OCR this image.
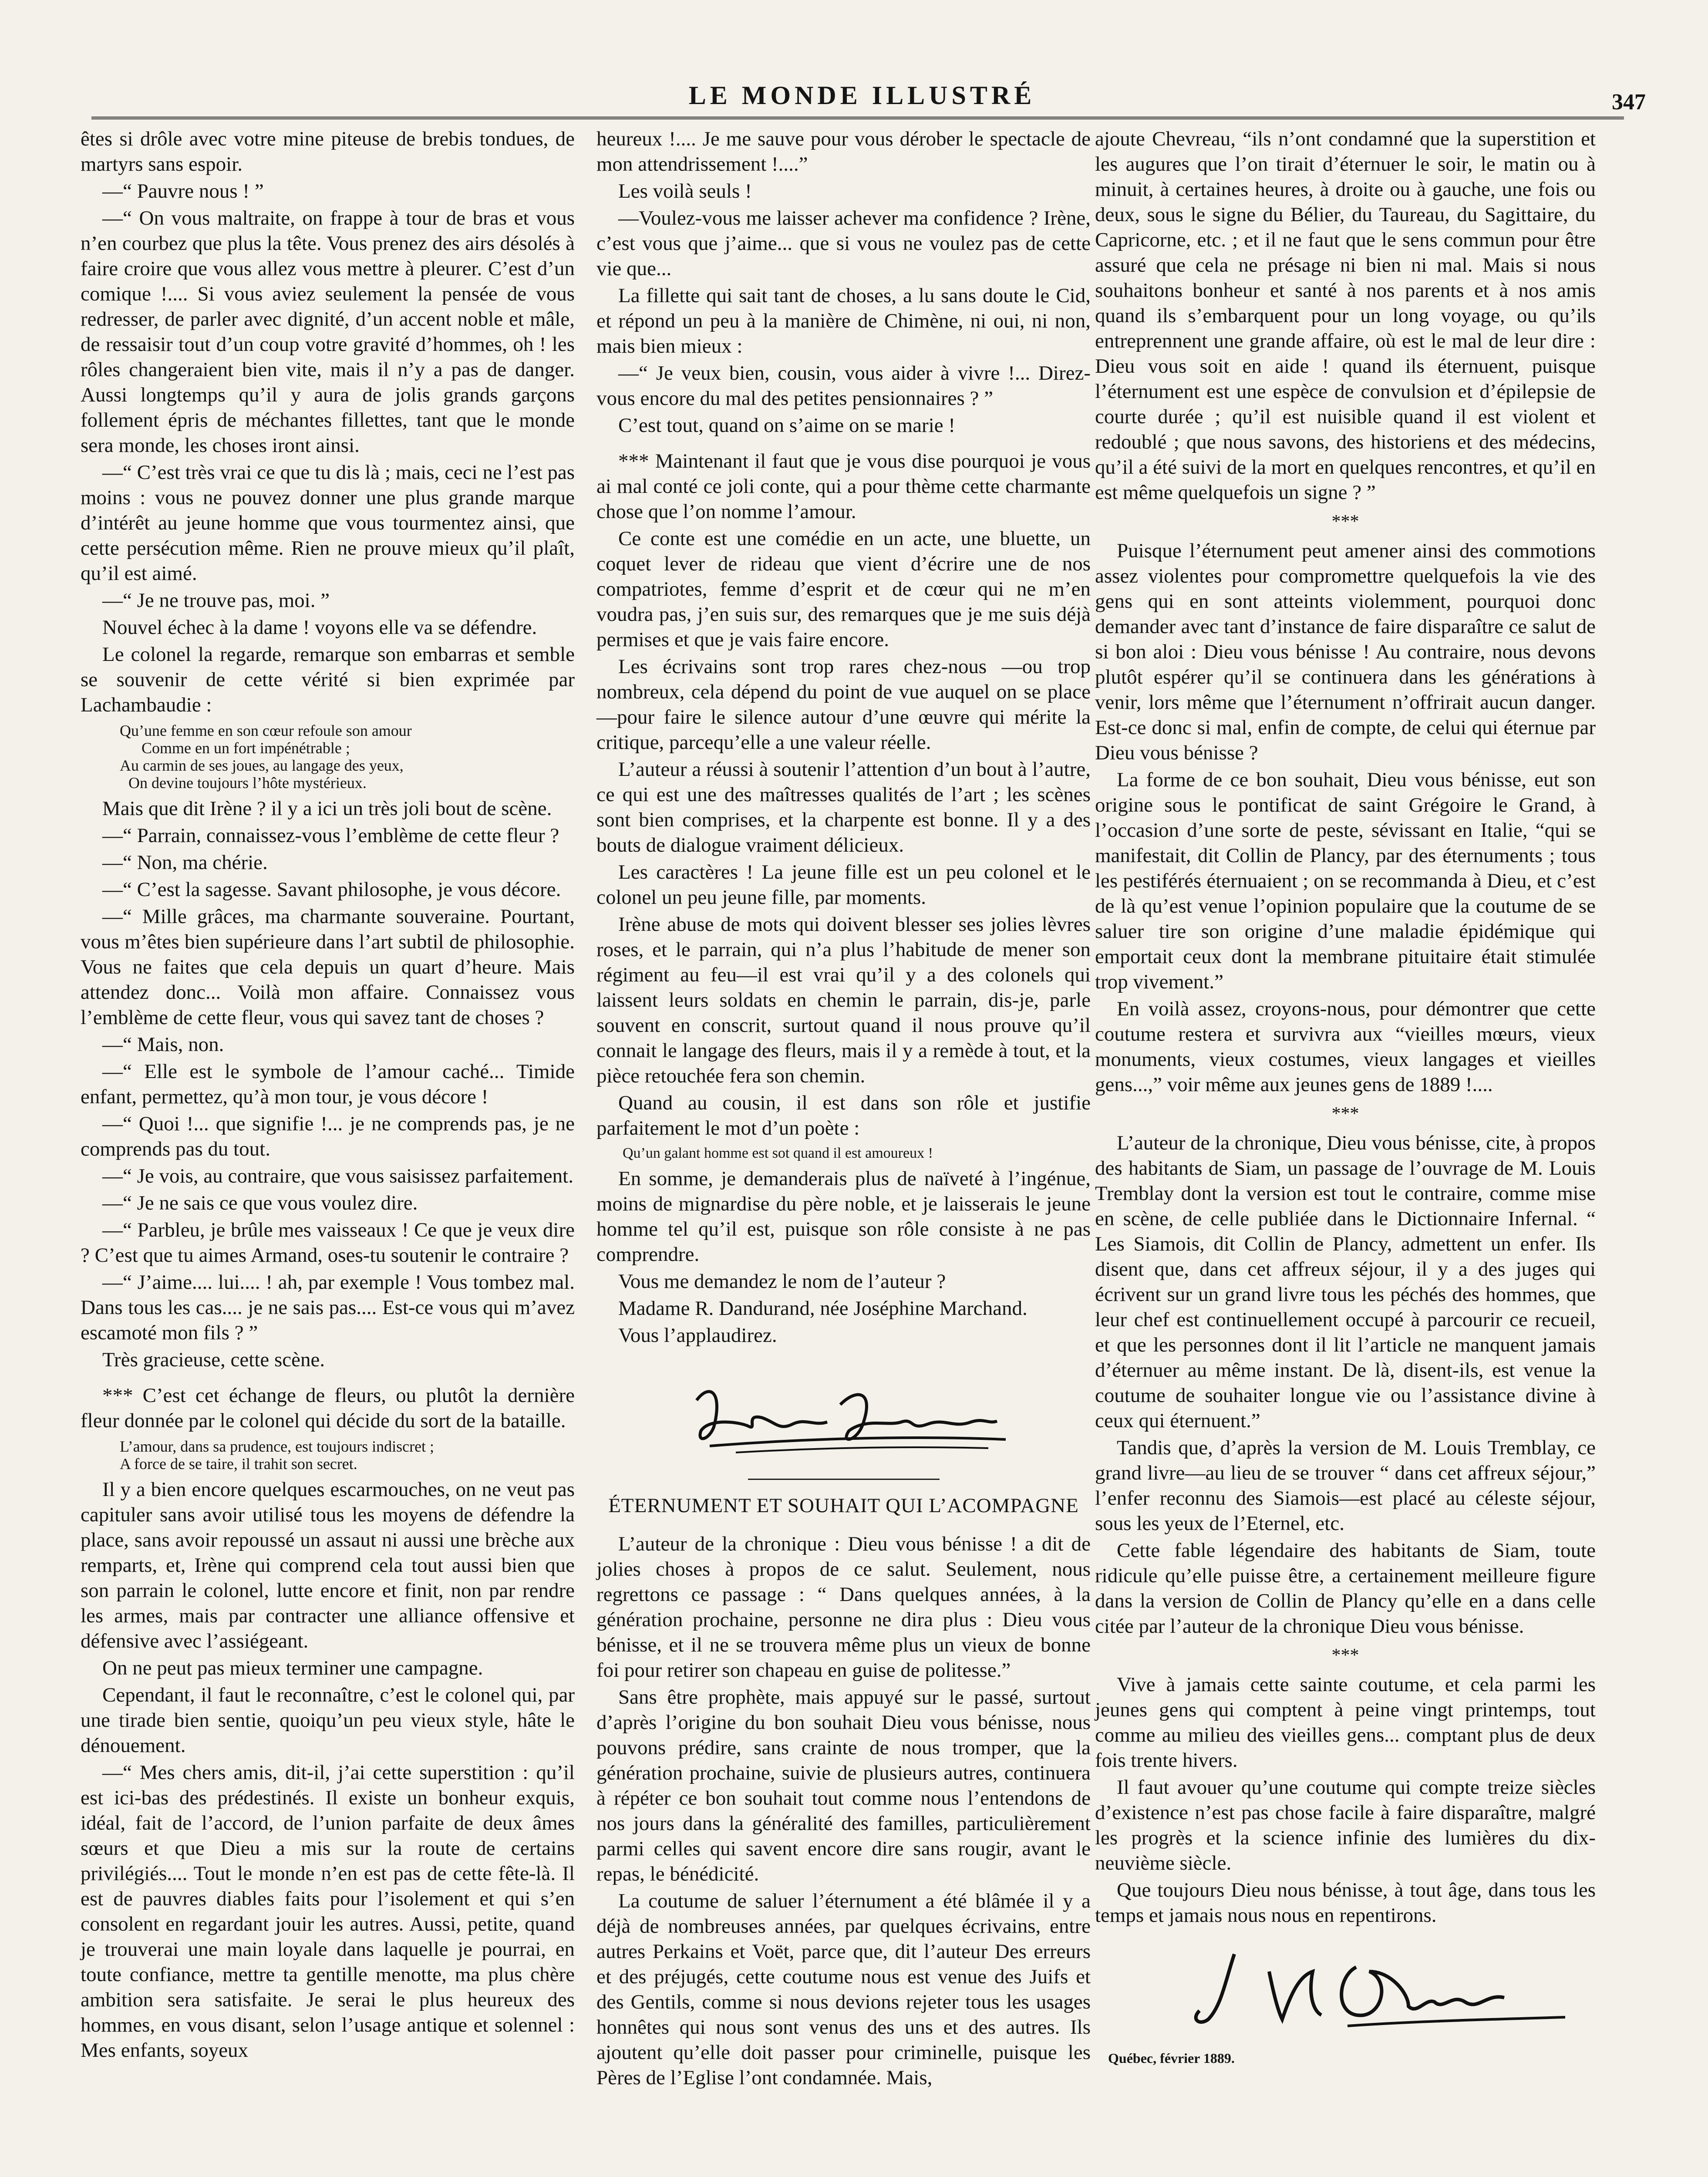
LE MONDE ILLUSTRÉ	347

êtes si drôle avec votre mine piteuse de brebis tondues, de martyrs sans espoir.

—“ Pauvre nous ! ”

—“ On vous maltraite, on frappe à tour de bras et vous n’en courbez que plus la tête. Vous prenez des airs désolés à faire croire que vous allez vous mettre à pleurer. C’est d’un comique !.... Si vous aviez seulement la pensée de vous redresser, de parler avec dignité, d’un accent noble et mâle, de ressaisir tout d’un coup votre gravité d’hommes, oh ! les rôles changeraient bien vite, mais il n’y a pas de danger. Aussi longtemps qu’il y aura de jolis grands garçons follement épris de méchantes fillettes, tant que le monde sera monde, les choses iront ainsi.

—“ C’est très vrai ce que tu dis là ; mais, ceci ne l’est pas moins : vous ne pouvez donner une plus grande marque d’intérêt au jeune homme que vous tourmentez ainsi, que cette persécution même. Rien ne prouve mieux qu’il plaît, qu’il est aimé.

—“ Je ne trouve pas, moi. ”

Nouvel échec à la dame ! voyons elle va se défendre.

Le colonel la regarde, remarque son embarras et semble se souvenir de cette vérité si bien exprimée par Lachambaudie :

Qu’une femme en son cœur refoule son amour
Comme en un fort impénétrable ;
Au carmin de ses joues, au langage des yeux,
On devine toujours l’hôte mystérieux.

Mais que dit Irène ? il y a ici un très joli bout de scène.

—“ Parrain, connaissez-vous l’emblème de cette fleur ?

—“ Non, ma chérie.

—“ C’est la sagesse. Savant philosophe, je vous décore.

—“ Mille grâces, ma charmante souveraine. Pourtant, vous m’êtes bien supérieure dans l’art subtil de philosophie. Vous ne faites que cela depuis un quart d’heure. Mais attendez donc... Voilà mon affaire. Connaissez vous l’emblème de cette fleur, vous qui savez tant de choses ?

—“ Mais, non.

—“ Elle est le symbole de l’amour caché... Timide enfant, permettez, qu’à mon tour, je vous décore !

—“ Quoi !... que signifie !... je ne comprends pas, je ne comprends pas du tout.

—“ Je vois, au contraire, que vous saisissez parfaitement.

—“ Je ne sais ce que vous voulez dire.

—“ Parbleu, je brûle mes vaisseaux ! Ce que je veux dire ? C’est que tu aimes Armand, oses-tu soutenir le contraire ?

—“ J’aime.... lui.... ! ah, par exemple ! Vous tombez mal. Dans tous les cas.... je ne sais pas.... Est-ce vous qui m’avez escamoté mon fils ? ”

Très gracieuse, cette scène.

*** C’est cet échange de fleurs, ou plutôt la dernière fleur donnée par le colonel qui décide du sort de la bataille.

L’amour, dans sa prudence, est toujours indiscret ;
A force de se taire, il trahit son secret.

Il y a bien encore quelques escarmouches, on ne veut pas capituler sans avoir utilisé tous les moyens de défendre la place, sans avoir repoussé un assaut ni aussi une brèche aux remparts, et, Irène qui comprend cela tout aussi bien que son parrain le colonel, lutte encore et finit, non par rendre les armes, mais par contracter une alliance offensive et défensive avec l’assiégeant.

On ne peut pas mieux terminer une campagne.

Cependant, il faut le reconnaître, c’est le colonel qui, par une tirade bien sentie, quoiqu’un peu vieux style, hâte le dénouement.

—“ Mes chers amis, dit-il, j’ai cette superstition : qu’il est ici-bas des prédestinés. Il existe un bonheur exquis, idéal, fait de l’accord, de l’union parfaite de deux âmes sœurs et que Dieu a mis sur la route de certains privilégiés.... Tout le monde n’en est pas de cette fête-là. Il est de pauvres diables faits pour l’isolement et qui s’en consolent en regardant jouir les autres. Aussi, petite, quand je trouverai une main loyale dans laquelle je pourrai, en toute confiance, mettre ta gentille menotte, ma plus chère ambition sera satisfaite. Je serai le plus heureux des hommes, en vous disant, selon l’usage antique et solennel : Mes enfants, soyeux

heureux !.... Je me sauve pour vous dérober le spectacle de mon attendrissement !....”

Les voilà seuls !

—Voulez-vous me laisser achever ma confidence ? Irène, c’est vous que j’aime... que si vous ne voulez pas de cette vie que...

La fillette qui sait tant de choses, a lu sans doute le Cid, et répond un peu à la manière de Chimène, ni oui, ni non, mais bien mieux :

—“ Je veux bien, cousin, vous aider à vivre !... Direz-vous encore du mal des petites pensionnaires ? ”

C’est tout, quand on s’aime on se marie !

*** Maintenant il faut que je vous dise pourquoi je vous ai mal conté ce joli conte, qui a pour thème cette charmante chose que l’on nomme l’amour.

Ce conte est une comédie en un acte, une bluette, un coquet lever de rideau que vient d’écrire une de nos compatriotes, femme d’esprit et de cœur qui ne m’en voudra pas, j’en suis sur, des remarques que je me suis déjà permises et que je vais faire encore.

Les écrivains sont trop rares chez-nous —ou trop nombreux, cela dépend du point de vue auquel on se place—pour faire le silence autour d’une œuvre qui mérite la critique, parcequ’elle a une valeur réelle.

L’auteur a réussi à soutenir l’attention d’un bout à l’autre, ce qui est une des maîtresses qualités de l’art ; les scènes sont bien comprises, et la charpente est bonne. Il y a des bouts de dialogue vraiment délicieux.

Les caractères ! La jeune fille est un peu colonel et le colonel un peu jeune fille, par moments.

Irène abuse de mots qui doivent blesser ses jolies lèvres roses, et le parrain, qui n’a plus l’habitude de mener son régiment au feu—il est vrai qu’il y a des colonels qui laissent leurs soldats en chemin le parrain, dis-je, parle souvent en conscrit, surtout quand il nous prouve qu’il connait le langage des fleurs, mais il y a remède à tout, et la pièce retouchée fera son chemin.

Quand au cousin, il est dans son rôle et justifie parfaitement le mot d’un poète :

Qu’un galant homme est sot quand il est amoureux !

En somme, je demanderais plus de naïveté à l’ingénue, moins de mignardise du père noble, et je laisserais le jeune homme tel qu’il est, puisque son rôle consiste à ne pas comprendre.

Vous me demandez le nom de l’auteur ?

Madame R. Dandurand, née Joséphine Marchand.

Vous l’applaudirez.

ÉTERNUMENT ET SOUHAIT QUI L’ACOMPAGNE

L’auteur de la chronique : Dieu vous bénisse ! a dit de jolies choses à propos de ce salut. Seulement, nous regrettons ce passage : “ Dans quelques années, à la génération prochaine, personne ne dira plus : Dieu vous bénisse, et il ne se trouvera même plus un vieux de bonne foi pour retirer son chapeau en guise de politesse.”

Sans être prophète, mais appuyé sur le passé, surtout d’après l’origine du bon souhait Dieu vous bénisse, nous pouvons prédire, sans crainte de nous tromper, que la génération prochaine, suivie de plusieurs autres, continuera à répéter ce bon souhait tout comme nous l’entendons de nos jours dans la généralité des familles, particulièrement parmi celles qui savent encore dire sans rougir, avant le repas, le bénédicité.

La coutume de saluer l’éternument a été blâmée il y a déjà de nombreuses années, par quelques écrivains, entre autres Perkains et Voët, parce que, dit l’auteur Des erreurs et des préjugés, cette coutume nous est venue des Juifs et des Gentils, comme si nous devions rejeter tous les usages honnêtes qui nous sont venus des uns et des autres. Ils ajoutent qu’elle doit passer pour criminelle, puisque les Pères de l’Eglise l’ont condamnée. Mais,

ajoute Chevreau, “ils n’ont condamné que la superstition et les augures que l’on tirait d’éternuer le soir, le matin ou à minuit, à certaines heures, à droite ou à gauche, une fois ou deux, sous le signe du Bélier, du Taureau, du Sagittaire, du Capricorne, etc. ; et il ne faut que le sens commun pour être assuré que cela ne présage ni bien ni mal. Mais si nous souhaitons bonheur et santé à nos parents et à nos amis quand ils s’embarquent pour un long voyage, ou qu’ils entreprennent une grande affaire, où est le mal de leur dire : Dieu vous soit en aide ! quand ils éternuent, puisque l’éternument est une espèce de convulsion et d’épilepsie de courte durée ; qu’il est nuisible quand il est violent et redoublé ; que nous savons, des historiens et des médecins, qu’il a été suivi de la mort en quelques rencontres, et qu’il en est même quelquefois un signe ? ”

***

Puisque l’éternument peut amener ainsi des commotions assez violentes pour compromettre quelquefois la vie des gens qui en sont atteints violemment, pourquoi donc demander avec tant d’instance de faire disparaître ce salut de si bon aloi : Dieu vous bénisse ! Au contraire, nous devons plutôt espérer qu’il se continuera dans les générations à venir, lors même que l’éternument n’offrirait aucun danger. Est-ce donc si mal, enfin de compte, de celui qui éternue par Dieu vous bénisse ?

La forme de ce bon souhait, Dieu vous bénisse, eut son origine sous le pontificat de saint Grégoire le Grand, à l’occasion d’une sorte de peste, sévissant en Italie, “qui se manifestait, dit Collin de Plancy, par des éternuments ; tous les pestiférés éternuaient ; on se recommanda à Dieu, et c’est de là qu’est venue l’opinion populaire que la coutume de se saluer tire son origine d’une maladie épidémique qui emportait ceux dont la membrane pituitaire était stimulée trop vivement.”

En voilà assez, croyons-nous, pour démontrer que cette coutume restera et survivra aux “vieilles mœurs, vieux monuments, vieux costumes, vieux langages et vieilles gens...,” voir même aux jeunes gens de 1889 !....

***

L’auteur de la chronique, Dieu vous bénisse, cite, à propos des habitants de Siam, un passage de l’ouvrage de M. Louis Tremblay dont la version est tout le contraire, comme mise en scène, de celle publiée dans le Dictionnaire Infernal. “ Les Siamois, dit Collin de Plancy, admettent un enfer. Ils disent que, dans cet affreux séjour, il y a des juges qui écrivent sur un grand livre tous les péchés des hommes, que leur chef est continuellement occupé à parcourir ce recueil, et que les personnes dont il lit l’article ne manquent jamais d’éternuer au même instant. De là, disent-ils, est venue la coutume de souhaiter longue vie ou l’assistance divine à ceux qui éternuent.”

Tandis que, d’après la version de M. Louis Tremblay, ce grand livre—au lieu de se trouver “ dans cet affreux séjour,” l’enfer reconnu des Siamois—est placé au céleste séjour, sous les yeux de l’Eternel, etc.

Cette fable légendaire des habitants de Siam, toute ridicule qu’elle puisse être, a certainement meilleure figure dans la version de Collin de Plancy qu’elle en a dans celle citée par l’auteur de la chronique Dieu vous bénisse.

***

Vive à jamais cette sainte coutume, et cela parmi les jeunes gens qui comptent à peine vingt printemps, tout comme au milieu des vieilles gens... comptant plus de deux fois trente hivers.

Il faut avouer qu’une coutume qui compte treize siècles d’existence n’est pas chose facile à faire disparaître, malgré les progrès et la science infinie des lumières du dix-neuvième siècle.

Que toujours Dieu nous bénisse, à tout âge, dans tous les temps et jamais nous nous en repentirons.

Québec, février 1889.
